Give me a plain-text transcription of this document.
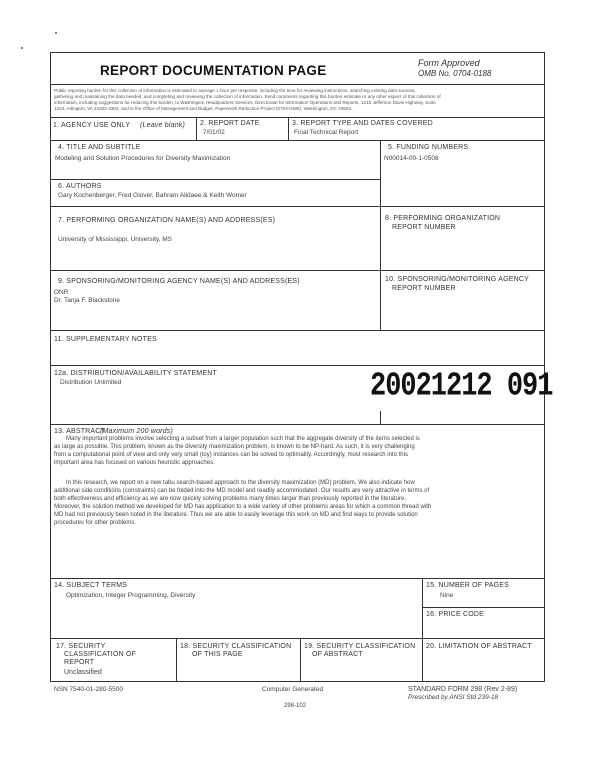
REPORT DOCUMENTATION PAGE	Form Approved
OMB No. 0704-0188
Public reporting burden for this collection of information is estimated to average 1 hour per response, including the time for reviewing instructions, searching existing data sources,
gathering and maintaining the data needed, and completing and reviewing the collection of information. Send comments regarding this burden estimate or any other aspect of this collection of
information, including suggestions for reducing this burden, to Washington Headquarters Services, Directorate for Information Operations and Reports, 1215 Jefferson Davis Highway, Suite
1204, Arlington, VA 22202-4302, and to the Office of Management and Budget, Paperwork Reduction Project (0704-0188), Washington, DC 20503.
1. AGENCY USE ONLY (Leave blank) 2. REPORT DATE
7/01/02
3. REPORT TYPE AND DATES COVERED
Final Technical Report
4. TITLE AND SUBTITLE
Modeling and Solution Procedures for Diversity Maximization
5. FUNDING NUMBERS
N00014-00-1-0508
6. AUTHORS
Gary Kochenberger, Fred Glover, Bahram Alidaee & Keith Womer
7. PERFORMING ORGANIZATION NAME(S) AND ADDRESS(ES)
University of Mississippi, University, MS
8. PERFORMING ORGANIZATION
REPORT NUMBER
9. SPONSORING/MONITORING AGENCY NAME(S) AND ADDRESS(ES)
ONR
Dr. Tanja F. Blackstone
10. SPONSORING/MONITORING AGENCY
REPORT NUMBER
11. SUPPLEMENTARY NOTES
12a. DISTRIBUTION/AVAILABILITY STATEMENT
Distribution Unlimited	20021212 091
13. ABSTRACT
(Maximum 200 words)
Many important problems involve selecting a subset from a larger population such that the aggregate diversity of the items selected is
as large as possible. This problem, known as the diversity maximization problem, is known to be NP-hard. As such, it is very challenging
from a computational point of view and only very small (toy) instances can be solved to optimality. Accordingly, most research into this
important area has focused on various heuristic approaches.
In this research, we report on a new tabu search-based approach to the diversity maximization (MD) problem. We also indicate how
additional side conditions (constraints) can be folded into the MD model and readily accommodated. Our results are very attractive in terms of
both effectiveness and efficiency as we are now quickly solving problems many times larger than previously reported in the literature.
Moreover, the solution method we developed for MD has application to a wide variety of other problems areas for which a common thread with
MD had not previously been noted in the literature. Thus we are able to easily leverage this work on MD and find ways to provide solution
procedures for other problems.
14. SUBJECT TERMS
Optimization, Integer Programming, Diversity
15. NUMBER OF PAGES
Nine
16. PRICE CODE
17. SECURITY
CLASSIFICATION OF
REPORT
Unclassified
18. SECURITY CLASSIFICATION
OF THIS PAGE
19. SECURITY CLASSIFICATION
OF ABSTRACT
20. LIMITATION OF ABSTRACT
NSN 7540-01-280-5500	Computer Generated	STANDARD FORM 298 (Rev 2-89)
Prescribed by ANSI Std 239-18
298-102
